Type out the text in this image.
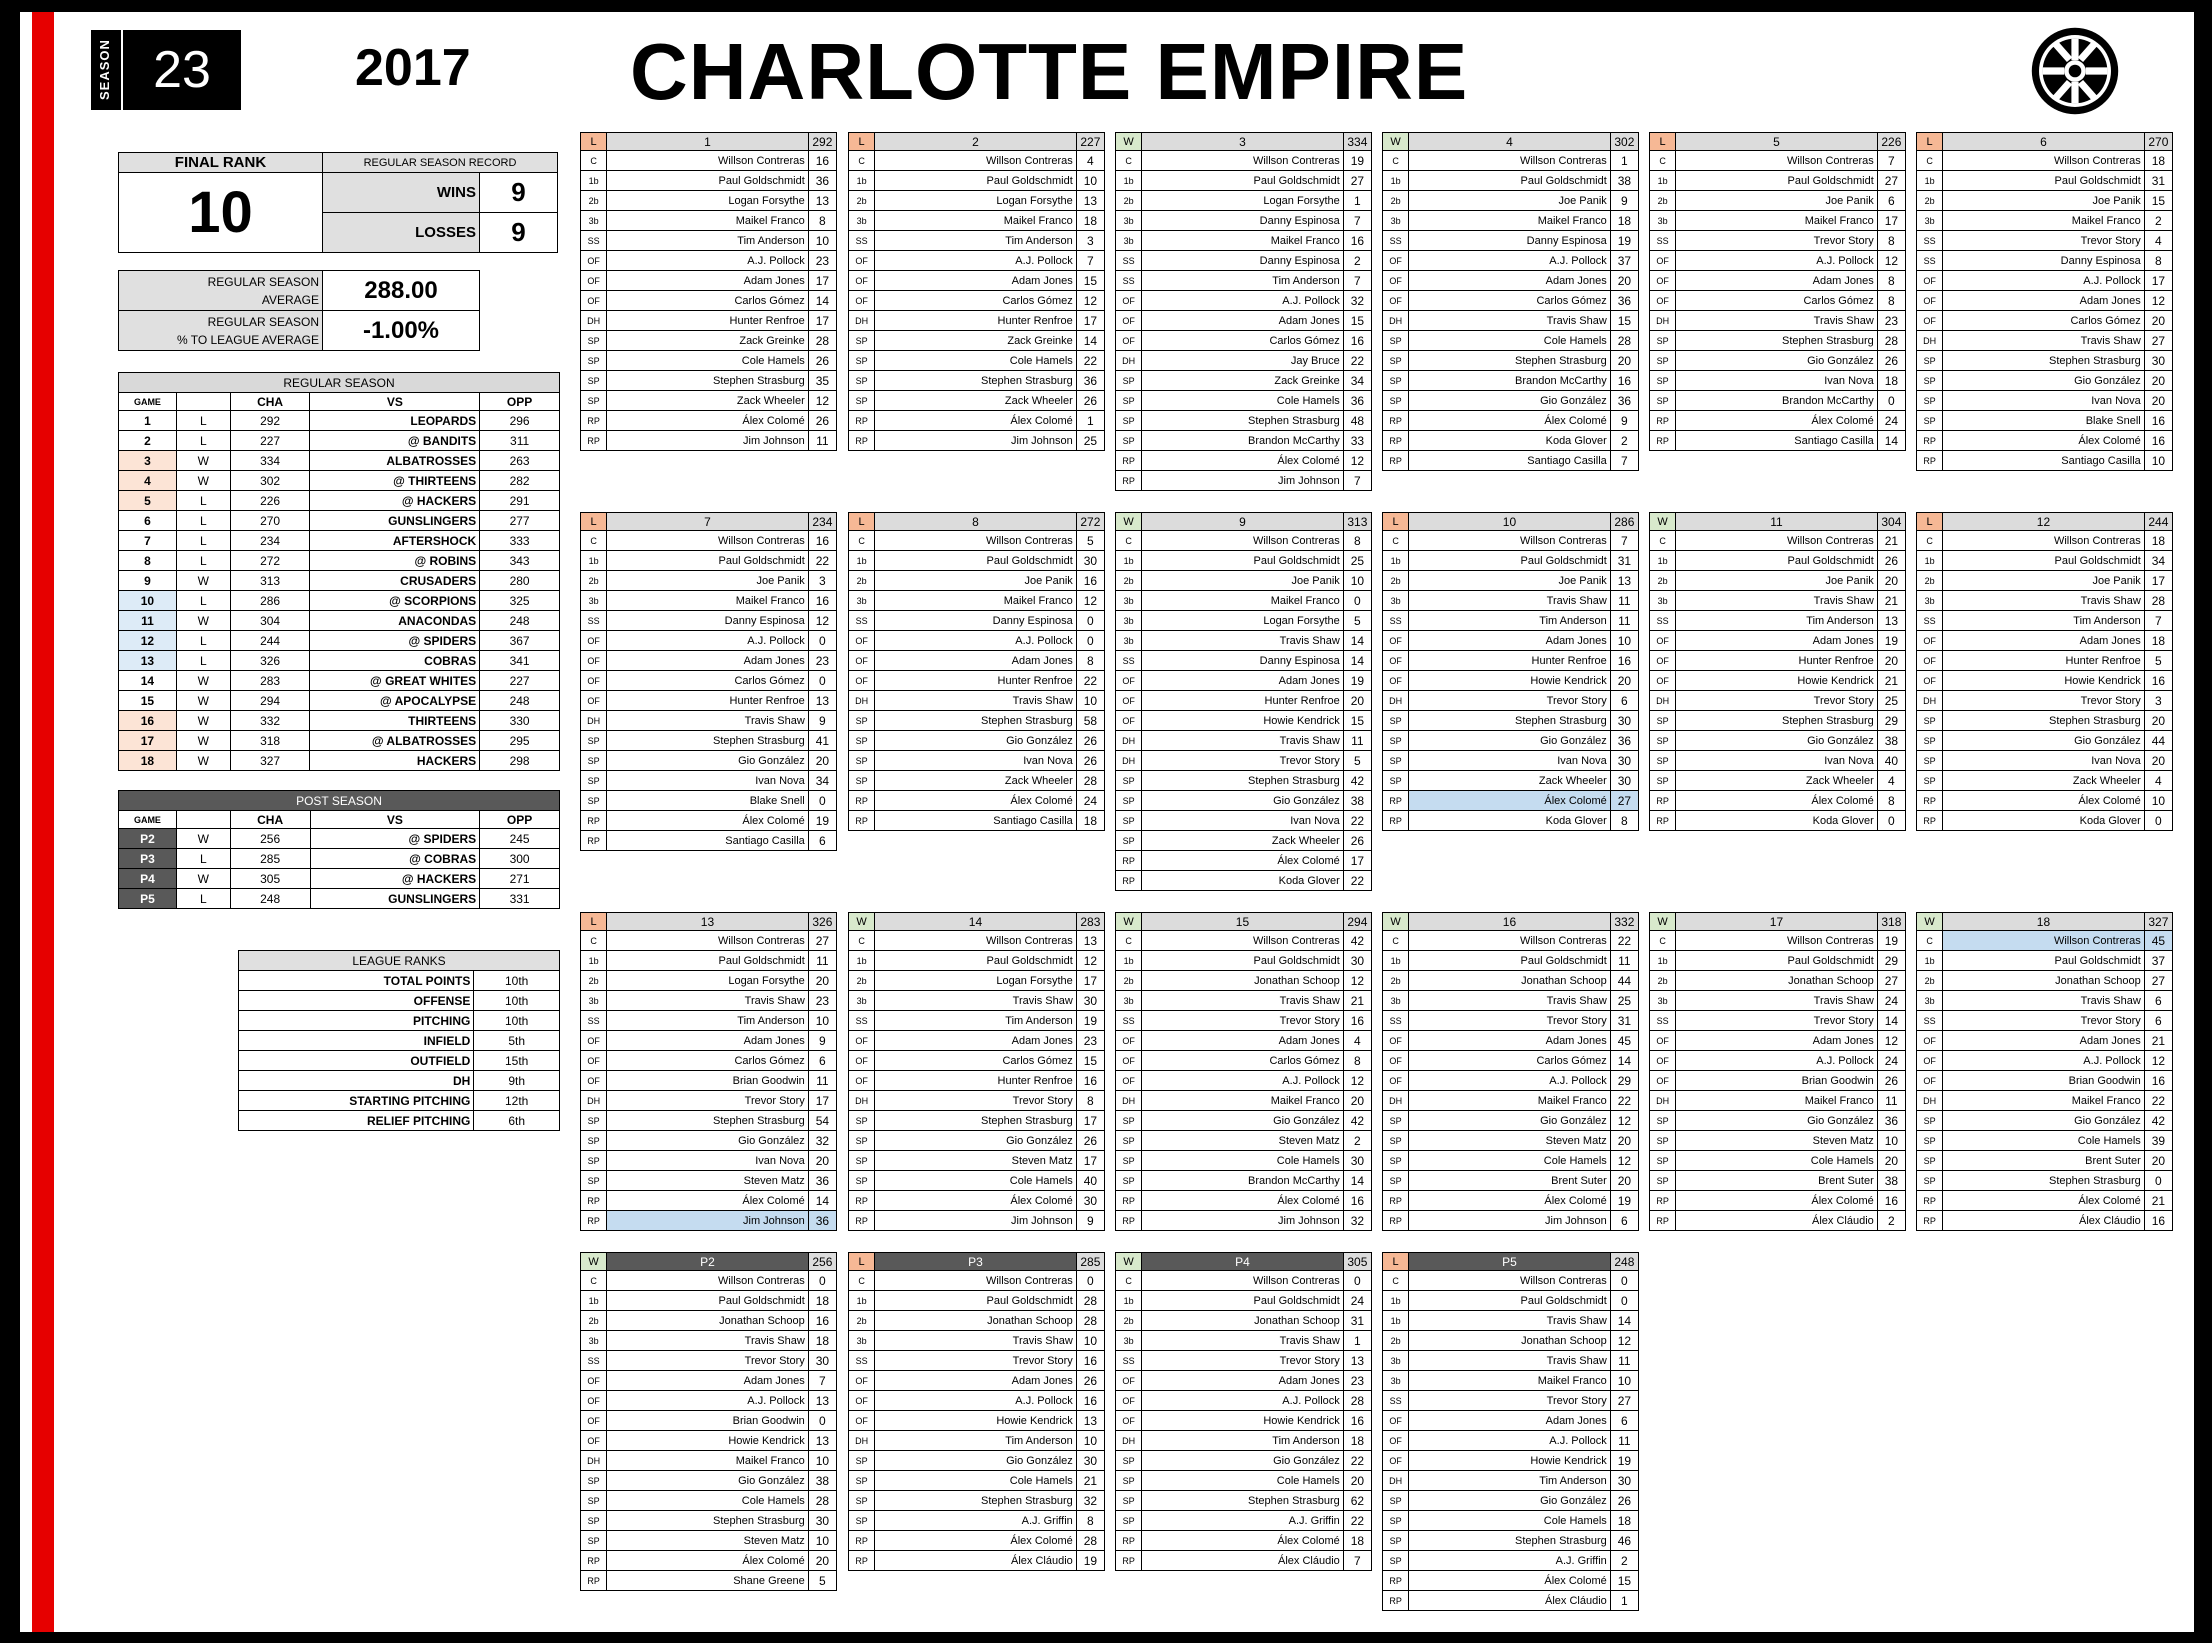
SEASON 23	2017 CHARLOTTE EMPIRE
FINAL RANK	REGULAR SEASON RECORD	
10	WINS	9
	LOSSES	9
REGULAR SEASON
AVERAGE	288.00
REGULAR SEASON
% TO LEAGUE AVERAGE	-1.00%
REGULAR SEASON				
GAME		CHA	VS	OPP
1	L	292	LEOPARDS	296
2	L	227	@ BANDITS	311
3	W	334	ALBATROSSES	263
4	W	302	@ THIRTEENS	282
5	L	226	@ HACKERS	291
6	L	270	GUNSLINGERS	277
7	L	234	AFTERSHOCK	333
8	L	272	@ ROBINS	343
9	W	313	CRUSADERS	280
10	L	286	@ SCORPIONS	325
11	W	304	ANACONDAS	248
12	L	244	@ SPIDERS	367
13	L	326	COBRAS	341
14	W	283	@ GREAT WHITES	227
15	W	294	@ APOCALYPSE	248
16	W	332	THIRTEENS	330
17	W	318	@ ALBATROSSES	295
18	W	327	HACKERS	298
POST SEASON				
GAME		CHA	VS	OPP
P2	W	256	@ SPIDERS	245
P3	L	285	@ COBRAS	300
P4	W	305	@ HACKERS	271
P5	L	248	GUNSLINGERS	331
LEAGUE RANKS	
TOTAL POINTS	10th
OFFENSE	10th
PITCHING	10th
INFIELD	5th
OUTFIELD	15th
DH	9th
STARTING PITCHING	12th
RELIEF PITCHING	6th
L	1	292
C	Willson Contreras	16
1b	Paul Goldschmidt	36
2b	Logan Forsythe	13
3b	Maikel Franco	8
SS	Tim Anderson	10
OF	A.J. Pollock	23
OF	Adam Jones	17
OF	Carlos Gómez	14
DH	Hunter Renfroe	17
SP	Zack Greinke	28
SP	Cole Hamels	26
SP	Stephen Strasburg	35
SP	Zack Wheeler	12
RP	Álex Colomé	26
RP	Jim Johnson	11
L	2	227
C	Willson Contreras	4
1b	Paul Goldschmidt	10
2b	Logan Forsythe	13
3b	Maikel Franco	18
SS	Tim Anderson	3
OF	A.J. Pollock	7
OF	Adam Jones	15
OF	Carlos Gómez	12
DH	Hunter Renfroe	17
SP	Zack Greinke	14
SP	Cole Hamels	22
SP	Stephen Strasburg	36
SP	Zack Wheeler	26
RP	Álex Colomé	1
RP	Jim Johnson	25
W	3	334
C	Willson Contreras	19
1b	Paul Goldschmidt	27
2b	Logan Forsythe	1
3b	Danny Espinosa	7
3b	Maikel Franco	16
SS	Danny Espinosa	2
SS	Tim Anderson	7
OF	A.J. Pollock	32
OF	Adam Jones	15
OF	Carlos Gómez	16
DH	Jay Bruce	22
SP	Zack Greinke	34
SP	Cole Hamels	36
SP	Stephen Strasburg	48
SP	Brandon McCarthy	33
RP	Álex Colomé	12
RP	Jim Johnson	7
W	4	302
C	Willson Contreras	1
1b	Paul Goldschmidt	38
2b	Joe Panik	9
3b	Maikel Franco	18
SS	Danny Espinosa	19
OF	A.J. Pollock	37
OF	Adam Jones	20
OF	Carlos Gómez	36
DH	Travis Shaw	15
SP	Cole Hamels	28
SP	Stephen Strasburg	20
SP	Brandon McCarthy	16
SP	Gio González	36
RP	Álex Colomé	9
RP	Koda Glover	2
RP	Santiago Casilla	7
L	5	226
C	Willson Contreras	7
1b	Paul Goldschmidt	27
2b	Joe Panik	6
3b	Maikel Franco	17
SS	Trevor Story	8
OF	A.J. Pollock	12
OF	Adam Jones	8
OF	Carlos Gómez	8
DH	Travis Shaw	23
SP	Stephen Strasburg	28
SP	Gio González	26
SP	Ivan Nova	18
SP	Brandon McCarthy	0
RP	Álex Colomé	24
RP	Santiago Casilla	14
L	6	270
C	Willson Contreras	18
1b	Paul Goldschmidt	31
2b	Joe Panik	15
3b	Maikel Franco	2
SS	Trevor Story	4
SS	Danny Espinosa	8
OF	A.J. Pollock	17
OF	Adam Jones	12
OF	Carlos Gómez	20
DH	Travis Shaw	27
SP	Stephen Strasburg	30
SP	Gio González	20
SP	Ivan Nova	20
SP	Blake Snell	16
RP	Álex Colomé	16
RP	Santiago Casilla	10
L	7	234
C	Willson Contreras	16
1b	Paul Goldschmidt	22
2b	Joe Panik	3
3b	Maikel Franco	16
SS	Danny Espinosa	12
OF	A.J. Pollock	0
OF	Adam Jones	23
OF	Carlos Gómez	0
OF	Hunter Renfroe	13
DH	Travis Shaw	9
SP	Stephen Strasburg	41
SP	Gio González	20
SP	Ivan Nova	34
SP	Blake Snell	0
RP	Álex Colomé	19
RP	Santiago Casilla	6
L	8	272
C	Willson Contreras	5
1b	Paul Goldschmidt	30
2b	Joe Panik	16
3b	Maikel Franco	12
SS	Danny Espinosa	0
OF	A.J. Pollock	0
OF	Adam Jones	8
OF	Hunter Renfroe	22
DH	Travis Shaw	10
SP	Stephen Strasburg	58
SP	Gio González	26
SP	Ivan Nova	26
SP	Zack Wheeler	28
RP	Álex Colomé	24
RP	Santiago Casilla	18
W	9	313
C	Willson Contreras	8
1b	Paul Goldschmidt	25
2b	Joe Panik	10
3b	Maikel Franco	0
3b	Logan Forsythe	5
3b	Travis Shaw	14
SS	Danny Espinosa	14
OF	Adam Jones	19
OF	Hunter Renfroe	20
OF	Howie Kendrick	15
DH	Travis Shaw	11
DH	Trevor Story	5
SP	Stephen Strasburg	42
SP	Gio González	38
SP	Ivan Nova	22
SP	Zack Wheeler	26
RP	Álex Colomé	17
RP	Koda Glover	22
L	10	286
C	Willson Contreras	7
1b	Paul Goldschmidt	31
2b	Joe Panik	13
3b	Travis Shaw	11
SS	Tim Anderson	11
OF	Adam Jones	10
OF	Hunter Renfroe	16
OF	Howie Kendrick	20
DH	Trevor Story	6
SP	Stephen Strasburg	30
SP	Gio González	36
SP	Ivan Nova	30
SP	Zack Wheeler	30
RP	Álex Colomé	27
RP	Koda Glover	8
W	11	304
C	Willson Contreras	21
1b	Paul Goldschmidt	26
2b	Joe Panik	20
3b	Travis Shaw	21
SS	Tim Anderson	13
OF	Adam Jones	19
OF	Hunter Renfroe	20
OF	Howie Kendrick	21
DH	Trevor Story	25
SP	Stephen Strasburg	29
SP	Gio González	38
SP	Ivan Nova	40
SP	Zack Wheeler	4
RP	Álex Colomé	8
RP	Koda Glover	0
L	12	244
C	Willson Contreras	18
1b	Paul Goldschmidt	34
2b	Joe Panik	17
3b	Travis Shaw	28
SS	Tim Anderson	7
OF	Adam Jones	18
OF	Hunter Renfroe	5
OF	Howie Kendrick	16
DH	Trevor Story	3
SP	Stephen Strasburg	20
SP	Gio González	44
SP	Ivan Nova	20
SP	Zack Wheeler	4
RP	Álex Colomé	10
RP	Koda Glover	0
L	13	326
C	Willson Contreras	27
1b	Paul Goldschmidt	11
2b	Logan Forsythe	20
3b	Travis Shaw	23
SS	Tim Anderson	10
OF	Adam Jones	9
OF	Carlos Gómez	6
OF	Brian Goodwin	11
DH	Trevor Story	17
SP	Stephen Strasburg	54
SP	Gio González	32
SP	Ivan Nova	20
SP	Steven Matz	36
RP	Álex Colomé	14
RP	Jim Johnson	36
W	14	283
C	Willson Contreras	13
1b	Paul Goldschmidt	12
2b	Logan Forsythe	17
3b	Travis Shaw	30
SS	Tim Anderson	19
OF	Adam Jones	23
OF	Carlos Gómez	15
OF	Hunter Renfroe	16
DH	Trevor Story	8
SP	Stephen Strasburg	17
SP	Gio González	26
SP	Steven Matz	17
SP	Cole Hamels	40
RP	Álex Colomé	30
RP	Jim Johnson	9
W	15	294
C	Willson Contreras	42
1b	Paul Goldschmidt	30
2b	Jonathan Schoop	12
3b	Travis Shaw	21
SS	Trevor Story	16
OF	Adam Jones	4
OF	Carlos Gómez	8
OF	A.J. Pollock	12
DH	Maikel Franco	20
SP	Gio González	42
SP	Steven Matz	2
SP	Cole Hamels	30
SP	Brandon McCarthy	14
RP	Álex Colomé	16
RP	Jim Johnson	32
W	16	332
C	Willson Contreras	22
1b	Paul Goldschmidt	11
2b	Jonathan Schoop	44
3b	Travis Shaw	25
SS	Trevor Story	31
OF	Adam Jones	45
OF	Carlos Gómez	14
OF	A.J. Pollock	29
DH	Maikel Franco	22
SP	Gio González	12
SP	Steven Matz	20
SP	Cole Hamels	12
SP	Brent Suter	20
RP	Álex Colomé	19
RP	Jim Johnson	6
W	17	318
C	Willson Contreras	19
1b	Paul Goldschmidt	29
2b	Jonathan Schoop	27
3b	Travis Shaw	24
SS	Trevor Story	14
OF	Adam Jones	12
OF	A.J. Pollock	24
OF	Brian Goodwin	26
DH	Maikel Franco	11
SP	Gio González	36
SP	Steven Matz	10
SP	Cole Hamels	20
SP	Brent Suter	38
RP	Álex Colomé	16
RP	Álex Cláudio	2
W	18	327
C	Willson Contreras	45
1b	Paul Goldschmidt	37
2b	Jonathan Schoop	27
3b	Travis Shaw	6
SS	Trevor Story	6
OF	Adam Jones	21
OF	A.J. Pollock	12
OF	Brian Goodwin	16
DH	Maikel Franco	22
SP	Gio González	42
SP	Cole Hamels	39
SP	Brent Suter	20
SP	Stephen Strasburg	0
RP	Álex Colomé	21
RP	Álex Cláudio	16
W	P2	256
C	Willson Contreras	0
1b	Paul Goldschmidt	18
2b	Jonathan Schoop	16
3b	Travis Shaw	18
SS	Trevor Story	30
OF	Adam Jones	7
OF	A.J. Pollock	13
OF	Brian Goodwin	0
OF	Howie Kendrick	13
DH	Maikel Franco	10
SP	Gio González	38
SP	Cole Hamels	28
SP	Stephen Strasburg	30
SP	Steven Matz	10
RP	Álex Colomé	20
RP	Shane Greene	5
L	P3	285
C	Willson Contreras	0
1b	Paul Goldschmidt	28
2b	Jonathan Schoop	28
3b	Travis Shaw	10
SS	Trevor Story	16
OF	Adam Jones	26
OF	A.J. Pollock	16
OF	Howie Kendrick	13
DH	Tim Anderson	10
SP	Gio González	30
SP	Cole Hamels	21
SP	Stephen Strasburg	32
SP	A.J. Griffin	8
RP	Álex Colomé	28
RP	Álex Cláudio	19
W	P4	305
C	Willson Contreras	0
1b	Paul Goldschmidt	24
2b	Jonathan Schoop	31
3b	Travis Shaw	1
SS	Trevor Story	13
OF	Adam Jones	23
OF	A.J. Pollock	28
OF	Howie Kendrick	16
DH	Tim Anderson	18
SP	Gio González	22
SP	Cole Hamels	20
SP	Stephen Strasburg	62
SP	A.J. Griffin	22
RP	Álex Colomé	18
RP	Álex Cláudio	7
L	P5	248
C	Willson Contreras	0
1b	Paul Goldschmidt	0
1b	Travis Shaw	14
2b	Jonathan Schoop	12
3b	Travis Shaw	11
3b	Maikel Franco	10
SS	Trevor Story	27
OF	Adam Jones	6
OF	A.J. Pollock	11
OF	Howie Kendrick	19
DH	Tim Anderson	30
SP	Gio González	26
SP	Cole Hamels	18
SP	Stephen Strasburg	46
SP	A.J. Griffin	2
RP	Álex Colomé	15
RP	Álex Cláudio	1
